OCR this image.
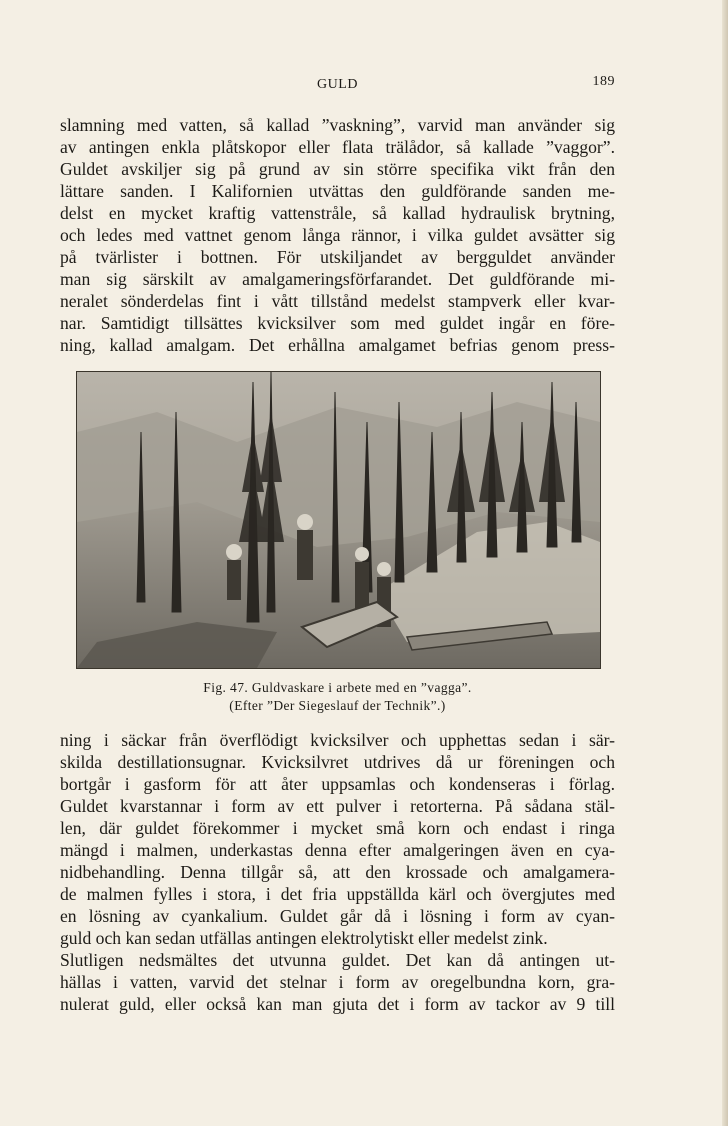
GULD	189
slamning med vatten, så kallad ”vaskning”, varvid man använder sig
av antingen enkla plåtskopor eller flata trälådor, så kallade ”vaggor”.
Guldet avskiljer sig på grund av sin större specifika vikt från den
lättare sanden. I Kalifornien utvättas den guldförande sanden me-
delst en mycket kraftig vattenstråle, så kallad hydraulisk brytning,
och ledes med vattnet genom långa rännor, i vilka guldet avsätter sig
på tvärlister i bottnen. För utskiljandet av bergguldet använder
man sig särskilt av amalgameringsförfarandet. Det guldförande mi-
neralet sönderdelas fint i vått tillstånd medelst stampverk eller kvar-
nar. Samtidigt tillsättes kvicksilver som med guldet ingår en före-
ning, kallad amalgam. Det erhållna amalgamet befrias genom press-
Fig. 47. Guldvaskare i arbete med en ”vagga”.
(Efter ”Der Siegeslauf der Technik”.)
ning i säckar från överflödigt kvicksilver och upphettas sedan i sär-
skilda destillationsugnar. Kvicksilvret utdrives då ur föreningen och
bortgår i gasform för att åter uppsamlas och kondenseras i förlag.
Guldet kvarstannar i form av ett pulver i retorterna. På sådana stäl-
len, där guldet förekommer i mycket små korn och endast i ringa
mängd i malmen, underkastas denna efter amalgeringen även en cya-
nidbehandling. Denna tillgår så, att den krossade och amalgamera-
de malmen fylles i stora, i det fria uppställda kärl och övergjutes med
en lösning av cyankalium. Guldet går då i lösning i form av cyan-
guld och kan sedan utfällas antingen elektrolytiskt eller medelst zink.
Slutligen nedsmältes det utvunna guldet. Det kan då antingen ut-
hällas i vatten, varvid det stelnar i form av oregelbundna korn, gra-
nulerat guld, eller också kan man gjuta det i form av tackor av 9 till
